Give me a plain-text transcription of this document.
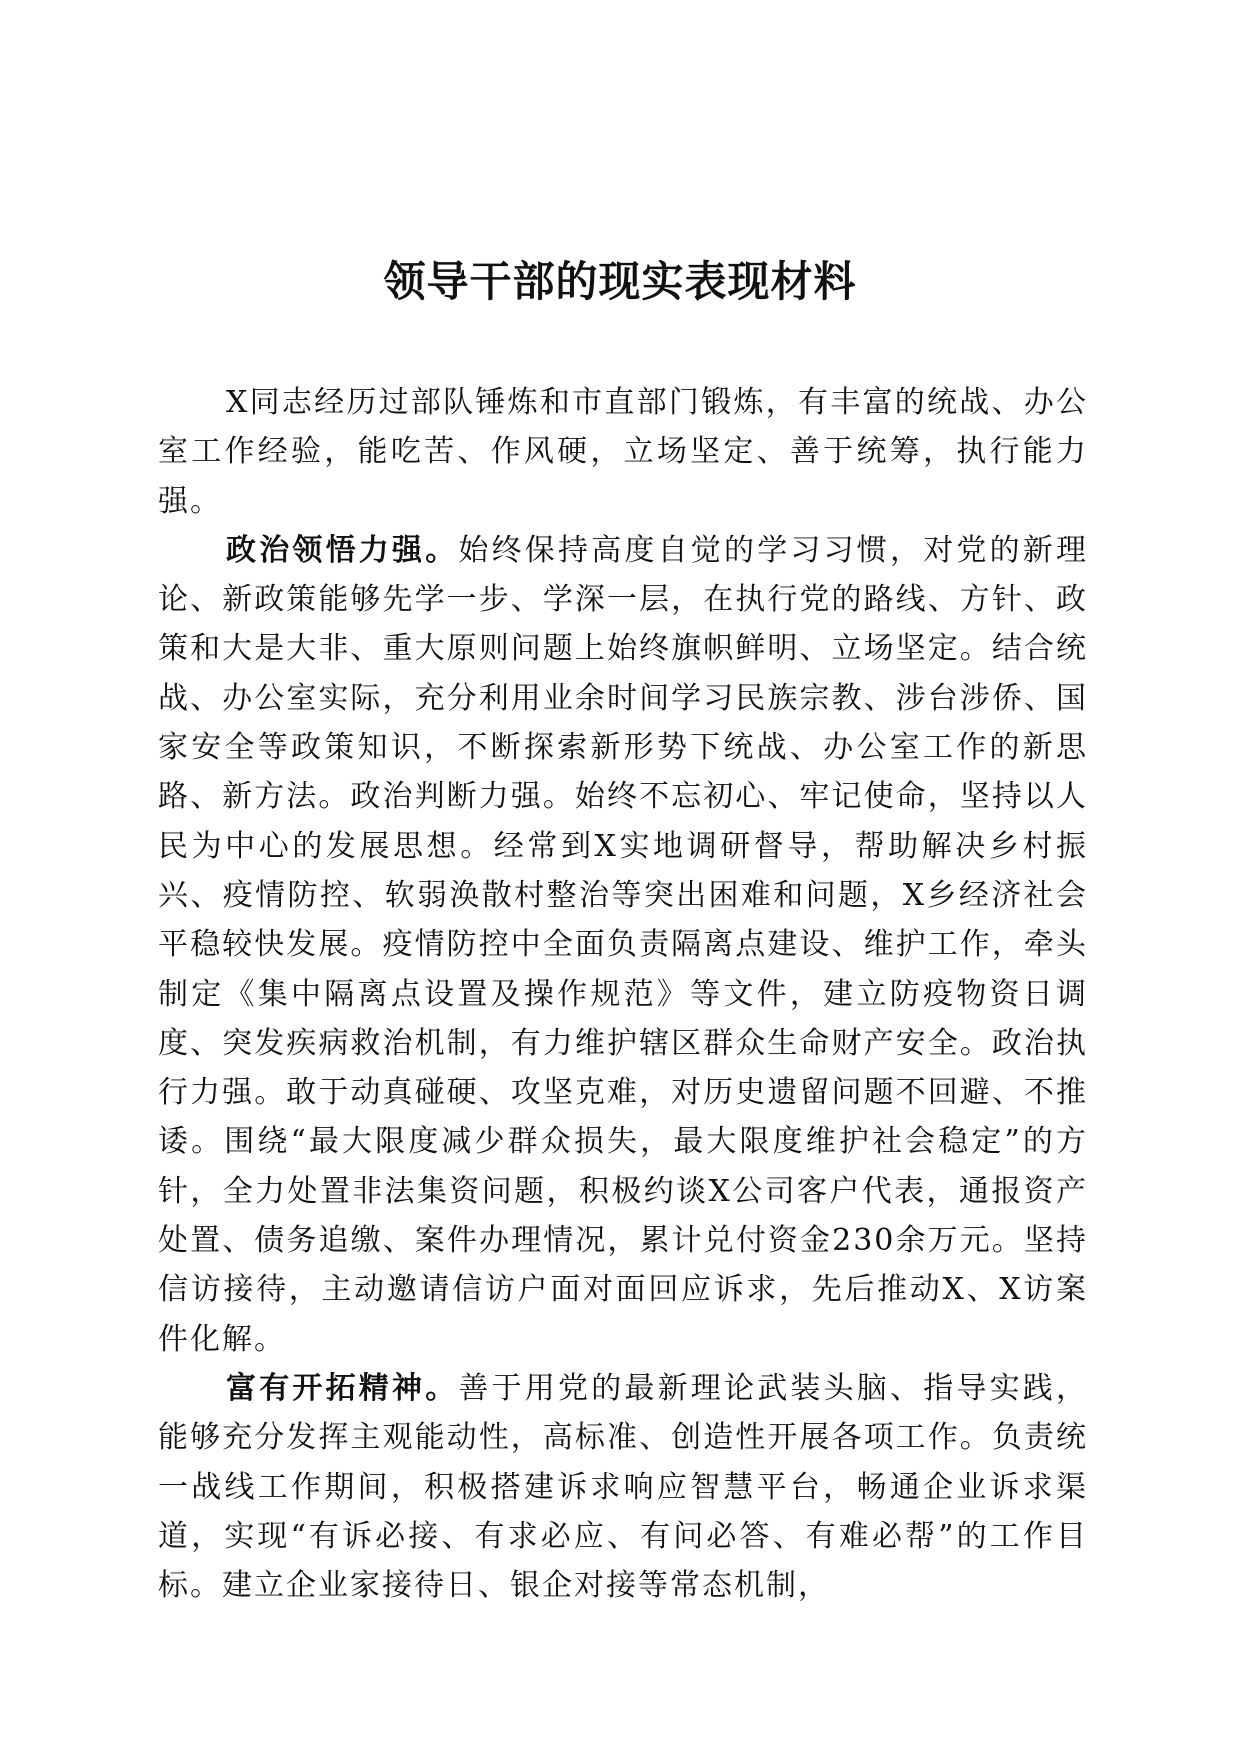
领导干部的现实表现材料

X同志经历过部队锤炼和市直部门锻炼，有丰富的统战、办公室工作经验，能吃苦、作风硬，立场坚定、善于统筹，执行能力强。

政治领悟力强。始终保持高度自觉的学习习惯，对党的新理论、新政策能够先学一步、学深一层，在执行党的路线、方针、政策和大是大非、重大原则问题上始终旗帜鲜明、立场坚定。结合统战、办公室实际，充分利用业余时间学习民族宗教、涉台涉侨、国家安全等政策知识，不断探索新形势下统战、办公室工作的新思路、新方法。政治判断力强。始终不忘初心、牢记使命，坚持以人民为中心的发展思想。经常到X实地调研督导，帮助解决乡村振兴、疫情防控、软弱涣散村整治等突出困难和问题，X乡经济社会平稳较快发展。疫情防控中全面负责隔离点建设、维护工作，牵头制定《集中隔离点设置及操作规范》等文件，建立防疫物资日调度、突发疾病救治机制，有力维护辖区群众生命财产安全。政治执行力强。敢于动真碰硬、攻坚克难，对历史遗留问题不回避、不推诿。围绕“最大限度减少群众损失，最大限度维护社会稳定”的方针，全力处置非法集资问题，积极约谈X公司客户代表，通报资产处置、债务追缴、案件办理情况，累计兑付资金230余万元。坚持信访接待，主动邀请信访户面对面回应诉求，先后推动X、X访案件化解。

富有开拓精神。善于用党的最新理论武装头脑、指导实践，能够充分发挥主观能动性，高标准、创造性开展各项工作。负责统一战线工作期间，积极搭建诉求响应智慧平台，畅通企业诉求渠道，实现“有诉必接、有求必应、有问必答、有难必帮”的工作目标。建立企业家接待日、银企对接等常态机制，
